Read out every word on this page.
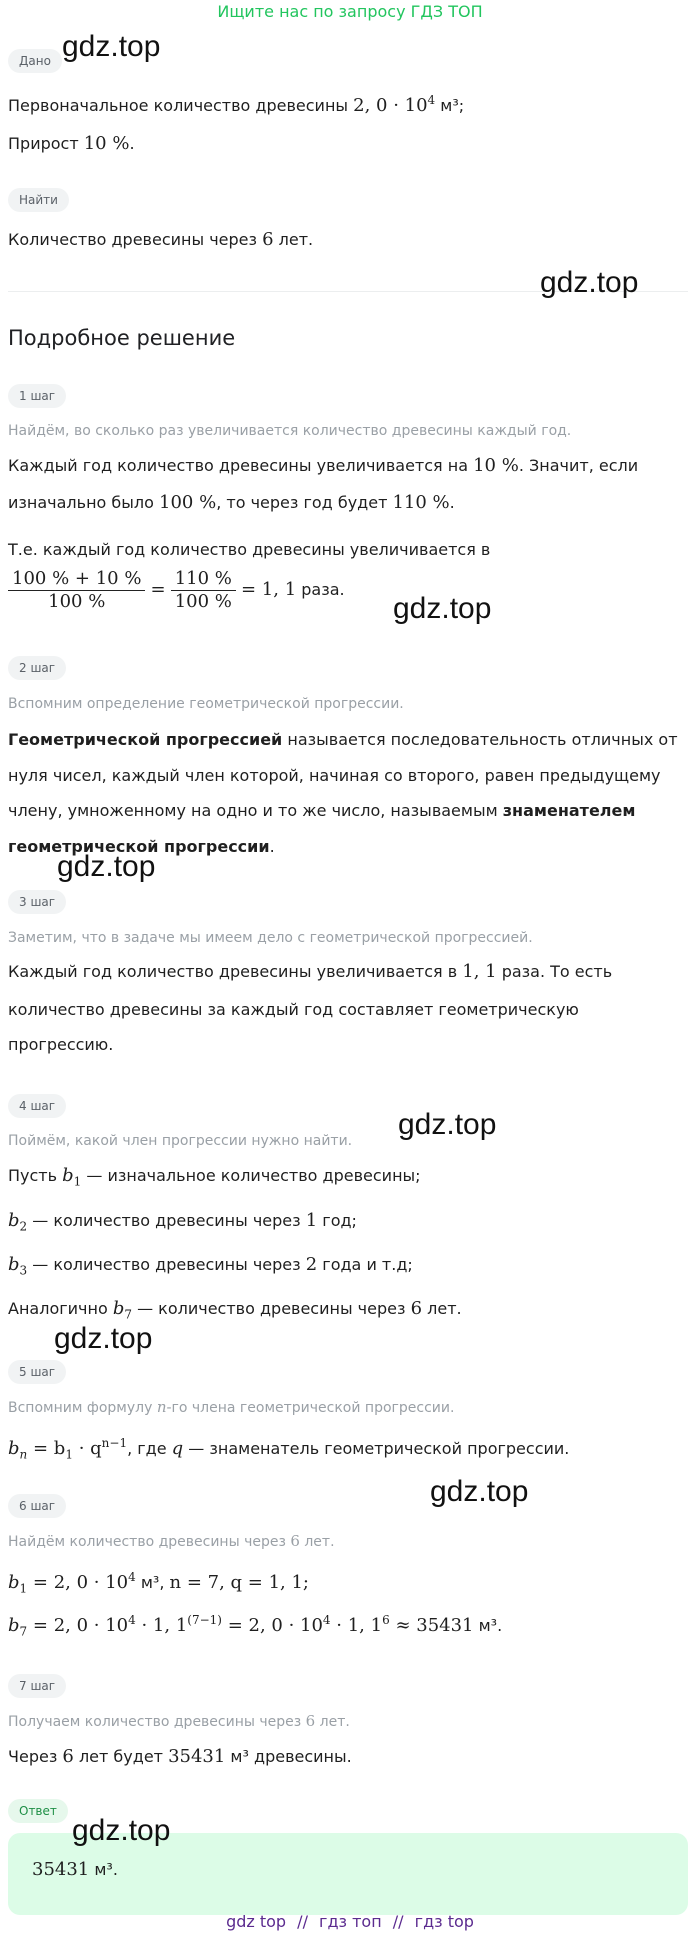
Ищите нас по запросу ГДЗ ТОП
Дано
Первоначальное количество древесины 2, $0 \cdot 10^4$ м³;
Прирост 10 %.
Найти
Количество древесины через 6 лет.
Подробное решение
1 шаг
Найдём, во сколько раз увеличивается количество древесины каждый год.
Каждый год количество древесины увеличивается на 10 %. Значит, если
изначально было 100 %, то через год будет 110 %.
Т.е. каждый год количество древесины увеличивается в
$\frac{100 \% + 10 \%}{100 \%} = \frac{110 \%}{100 \%} = 1$, 1 раза.
2 шаг
Вспомним определение геометрической прогрессии.
Геометрической прогрессией называется последовательность отличных от
нуля чисел, каждый член которой, начиная со второго, равен предыдущему
члену, умноженному на одно и то же число, называемым знаменателем
геометрической прогрессии.
3 шаг
Заметим, что в задаче мы имеем дело с геометрической прогрессией.
Каждый год количество древесины увеличивается в 1, 1 раза. То есть
количество древесины за каждый год составляет геометрическую
прогрессию.
4 шаг
Поймём, какой член прогрессии нужно найти.
Пусть $b_1$ — изначальное количество древесины;
$b_2$ — количество древесины через 1 год;
$b_3$ — количество древесины через 2 года и т.д;
Аналогично $b_7$ — количество древесины через 6 лет.
5 шаг
Вспомним формулу n-го члена геометрической прогрессии.
$b_n = b_1 \cdot q^{n-1}$, где q — знаменатель геометрической прогрессии.
6 шаг
Найдём количество древесины через 6 лет.
$b_1 = 2$, $0 \cdot 10^4$ м³, n = 7, q = 1, 1;
$b_7 = 2$, $0 \cdot 10^4 \cdot 1$, $1^{(7-1)} = 2$, $0 \cdot 10^4 \cdot 1$, $1^6 \approx 35431$ м³.
7 шаг
Получаем количество древесины через 6 лет.
Через 6 лет будет 35431 м³ древесины.
Ответ
35431 м³.
gdz.top
gdz.top
gdz.top
gdz.top
gdz.top
gdz.top
gdz.top
gdz.top
gdz top // гдз топ // гдз top
